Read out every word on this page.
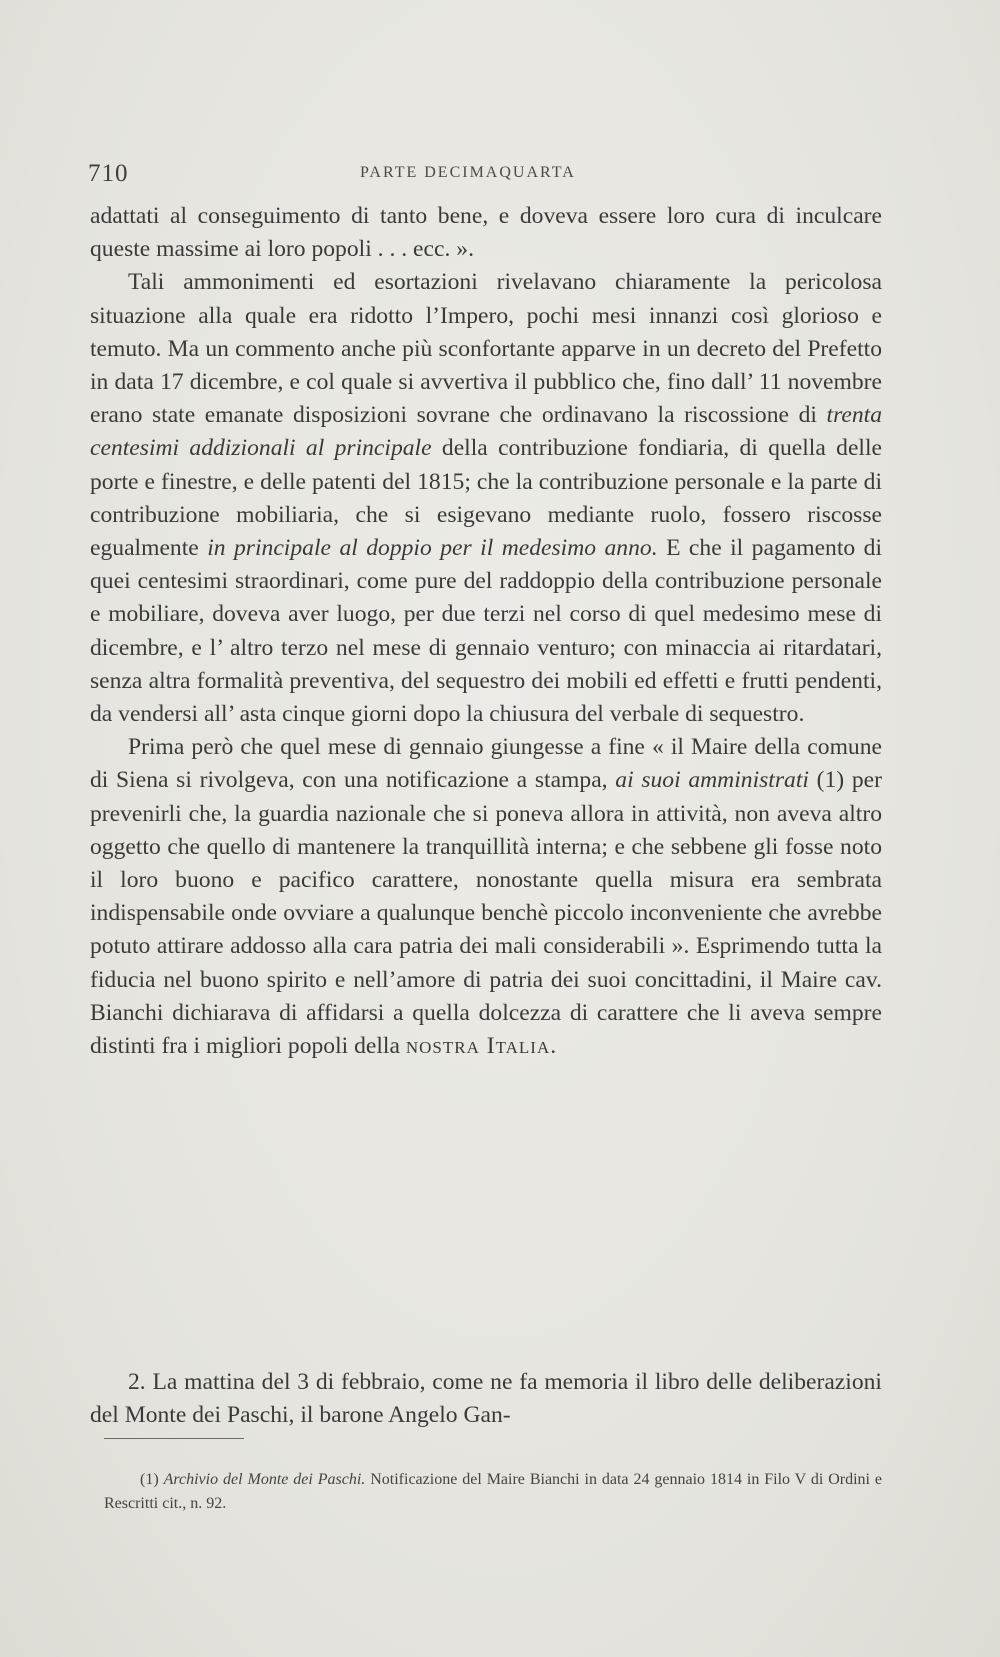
710	PARTE DECIMAQUARTA

adattati al conseguimento di tanto bene, e doveva essere loro cura di inculcare queste massime ai loro popoli . . . ecc. ».

Tali ammonimenti ed esortazioni rivelavano chiaramente la pericolosa situazione alla quale era ridotto l’Impero, pochi mesi innanzi così glorioso e temuto. Ma un commento anche più sconfortante apparve in un decreto del Prefetto in data 17 dicembre, e col quale si avvertiva il pubblico che, fino dall’ 11 novembre erano state emanate disposizioni sovrane che ordinavano la riscossione di trenta centesimi addizionali al principale della contribuzione fondiaria, di quella delle porte e finestre, e delle patenti del 1815; che la contribuzione personale e la parte di contribuzione mobiliaria, che si esigevano mediante ruolo, fossero riscosse egualmente in principale al doppio per il medesimo anno. E che il pagamento di quei centesimi straordinari, come pure del raddoppio della contribuzione personale e mobiliare, doveva aver luogo, per due terzi nel corso di quel medesimo mese di dicembre, e l’ altro terzo nel mese di gennaio venturo; con minaccia ai ritardatari, senza altra formalità preventiva, del sequestro dei mobili ed effetti e frutti pendenti, da vendersi all’ asta cinque giorni dopo la chiusura del verbale di sequestro.

Prima però che quel mese di gennaio giungesse a fine « il Maire della comune di Siena si rivolgeva, con una notificazione a stampa, ai suoi amministrati (1) per prevenirli che, la guardia nazionale che si poneva allora in attività, non aveva altro oggetto che quello di mantenere la tranquillità interna; e che sebbene gli fosse noto il loro buono e pacifico carattere, nonostante quella misura era sembrata indispensabile onde ovviare a qualunque benchè piccolo inconveniente che avrebbe potuto attirare addosso alla cara patria dei mali considerabili ». Esprimendo tutta la fiducia nel buono spirito e nell’amore di patria dei suoi concittadini, il Maire cav. Bianchi dichiarava di affidarsi a quella dolcezza di carattere che li aveva sempre distinti fra i migliori popoli della nostra Italia.

2. La mattina del 3 di febbraio, come ne fa memoria il libro delle deliberazioni del Monte dei Paschi, il barone Angelo Gan-

(1) Archivio del Monte dei Paschi. Notificazione del Maire Bianchi in data 24 gennaio 1814 in Filo V di Ordini e Rescritti cit., n. 92.
